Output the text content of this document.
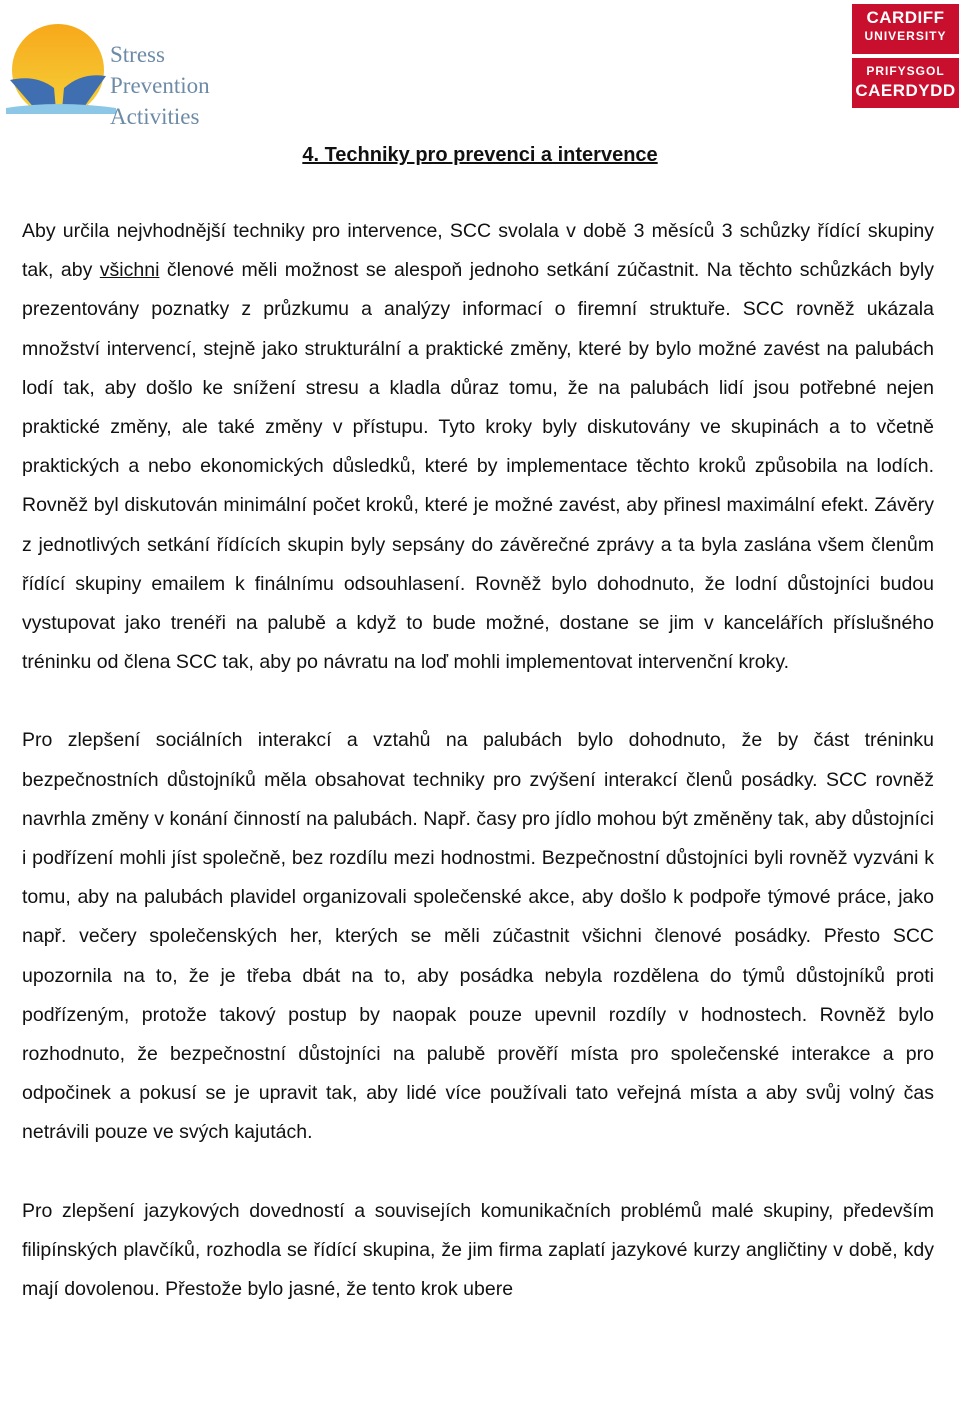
Stress
Prevention
Activities
CARDIFF
UNIVERSITY
PRIFYSGOL
CAERDYDD
4. Techniky pro prevenci a intervence

Aby určila nejvhodnější techniky pro intervence, SCC svolala v době 3 měsíců 3 schůzky řídící skupiny tak, aby všichni členové měli možnost se alespoň jednoho setkání zúčastnit. Na těchto schůzkách byly prezentovány poznatky z průzkumu a analýzy informací o firemní struktuře. SCC rovněž ukázala množství intervencí, stejně jako strukturální a praktické změny, které by bylo možné zavést na palubách lodí tak, aby došlo ke snížení stresu a kladla důraz tomu, že na palubách lidí jsou potřebné nejen praktické změny, ale také změny v přístupu. Tyto kroky byly diskutovány ve skupinách a to včetně praktických a nebo ekonomických důsledků, které by implementace těchto kroků způsobila na lodích. Rovněž byl diskutován minimální počet kroků, které je možné zavést, aby přinesl maximální efekt. Závěry z jednotlivých setkání řídících skupin byly sepsány do závěrečné zprávy a ta byla zaslána všem členům řídící skupiny emailem k finálnímu odsouhlasení. Rovněž bylo dohodnuto, že lodní důstojníci budou vystupovat jako trenéři na palubě a když to bude možné, dostane se jim v kancelářích příslušného tréninku od člena SCC tak, aby po návratu na loď mohli implementovat intervenční kroky.

Pro zlepšení sociálních interakcí a vztahů na palubách bylo dohodnuto, že by část tréninku bezpečnostních důstojníků měla obsahovat techniky pro zvýšení interakcí členů posádky. SCC rovněž navrhla změny v konání činností na palubách. Např. časy pro jídlo mohou být změněny tak, aby důstojníci i podřízení mohli jíst společně, bez rozdílu mezi hodnostmi. Bezpečnostní důstojníci byli rovněž vyzváni k tomu, aby na palubách plavidel organizovali společenské akce, aby došlo k podpoře týmové práce, jako např. večery společenských her, kterých se měli zúčastnit všichni členové posádky. Přesto SCC upozornila na to, že je třeba dbát na to, aby posádka nebyla rozdělena do týmů důstojníků proti podřízeným, protože takový postup by naopak pouze upevnil rozdíly v hodnostech. Rovněž bylo rozhodnuto, že bezpečnostní důstojníci na palubě prověří místa pro společenské interakce a pro odpočinek a pokusí se je upravit tak, aby lidé více používali tato veřejná místa a aby svůj volný čas netrávili pouze ve svých kajutách.

Pro zlepšení jazykových dovedností a souvisejích komunikačních problémů malé skupiny, především filipínských plavčíků, rozhodla se řídící skupina, že jim firma zaplatí jazykové kurzy angličtiny v době, kdy mají dovolenou. Přestože bylo jasné, že tento krok ubere
